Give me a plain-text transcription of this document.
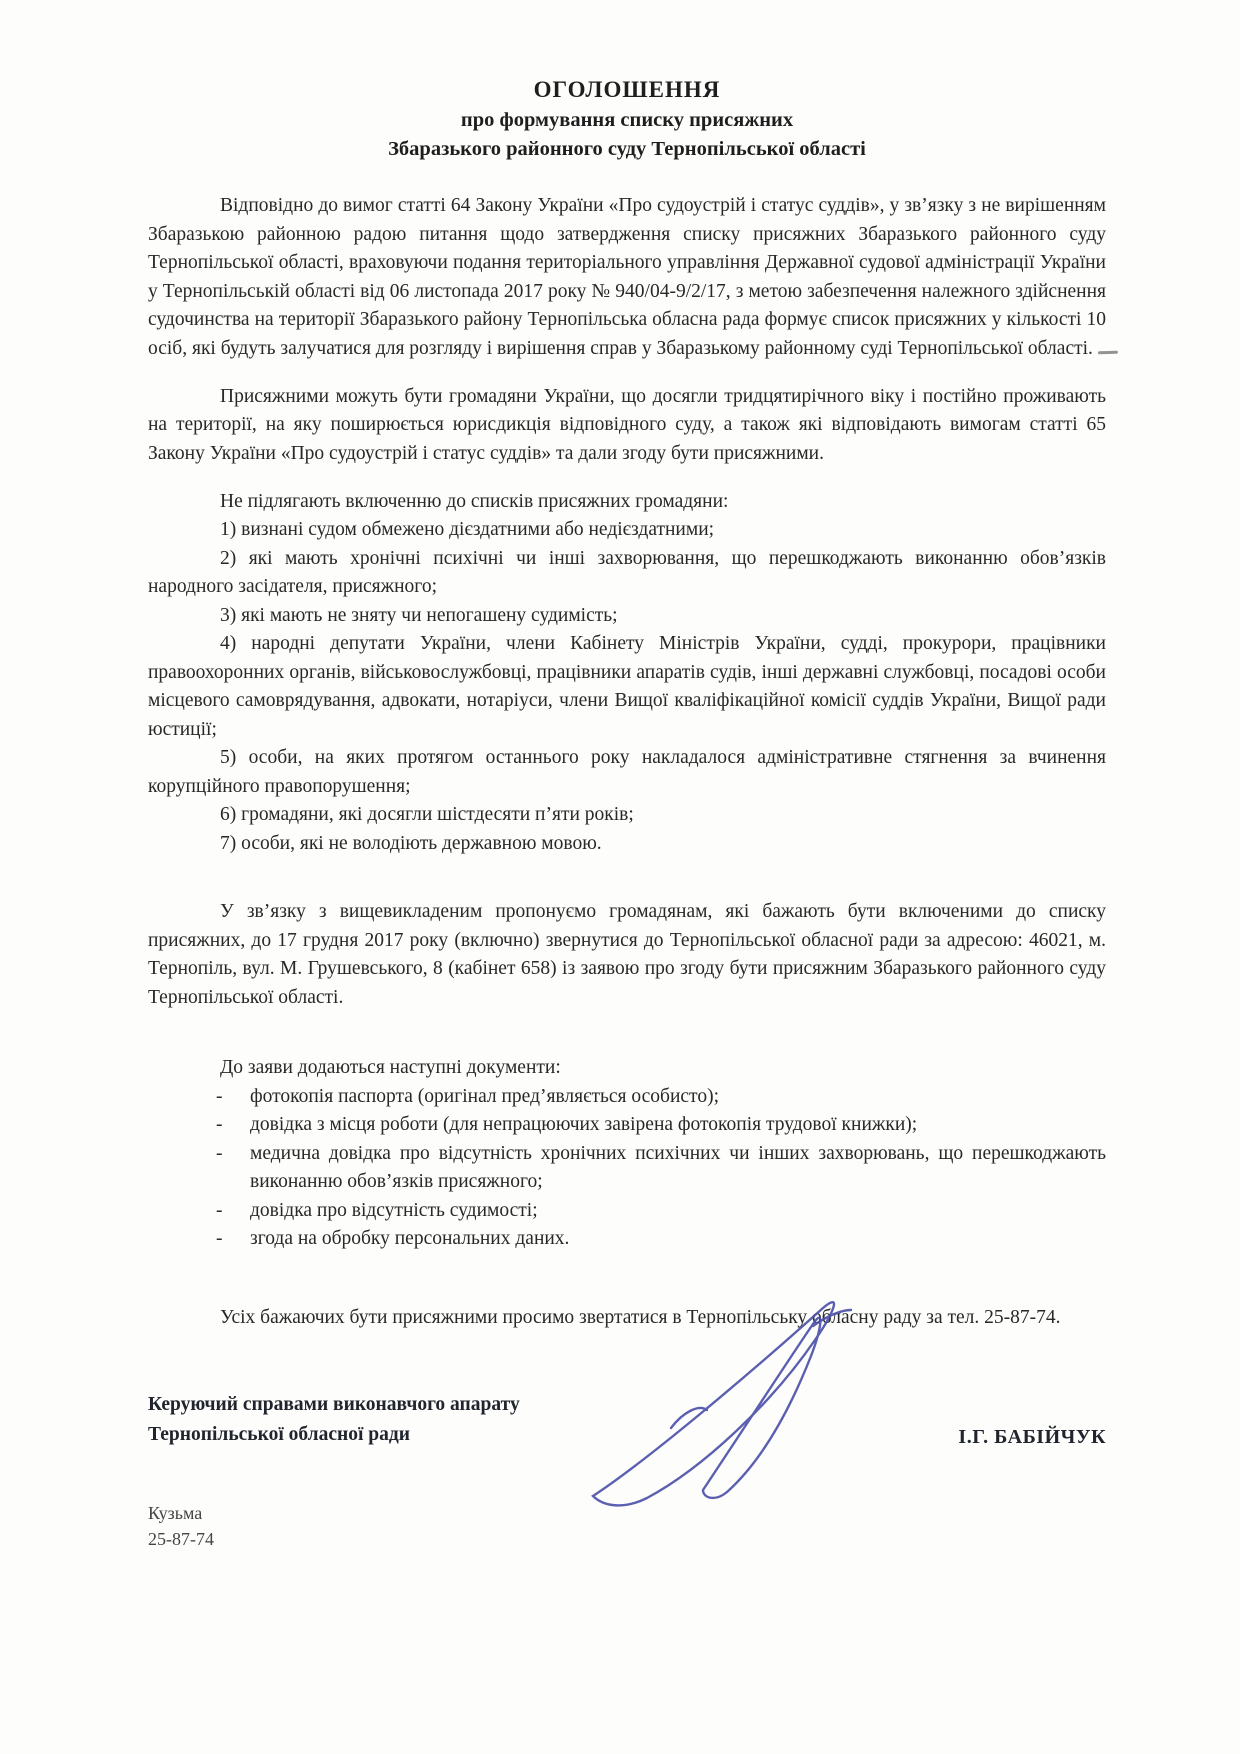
ОГОЛОШЕННЯ
про формування списку присяжних
Збаразького районного суду Тернопільської області

Відповідно до вимог статті 64 Закону України «Про судоустрій і статус суддів», у зв’язку з не вирішенням Збаразькою районною радою питання щодо затвердження списку присяжних Збаразького районного суду Тернопільської області, враховуючи подання територіального управління Державної судової адміністрації України у Тернопільській області від 06 листопада 2017 року № 940/04-9/2/17, з метою забезпечення належного здійснення судочинства на території Збаразького району Тернопільська обласна рада формує список присяжних у кількості 10 осіб, які будуть залучатися для розгляду і вирішення справ у Збаразькому районному суді Тернопільської області.

Присяжними можуть бути громадяни України, що досягли тридцятирічного віку і постійно проживають на території, на яку поширюється юрисдикція відповідного суду, а також які відповідають вимогам статті 65 Закону України «Про судоустрій і статус суддів» та дали згоду бути присяжними.

Не підлягають включенню до списків присяжних громадяни:
1) визнані судом обмежено дієздатними або недієздатними;
2) які мають хронічні психічні чи інші захворювання, що перешкоджають виконанню обов’язків народного засідателя, присяжного;
3) які мають не зняту чи непогашену судимість;
4) народні депутати України, члени Кабінету Міністрів України, судді, прокурори, працівники правоохоронних органів, військовослужбовці, працівники апаратів судів, інші державні службовці, посадові особи місцевого самоврядування, адвокати, нотаріуси, члени Вищої кваліфікаційної комісії суддів України, Вищої ради юстиції;
5) особи, на яких протягом останнього року накладалося адміністративне стягнення за вчинення корупційного правопорушення;
6) громадяни, які досягли шістдесяти п’яти років;
7) особи, які не володіють державною мовою.

У зв’язку з вищевикладеним пропонуємо громадянам, які бажають бути включеними до списку присяжних, до 17 грудня 2017 року (включно) звернутися до Тернопільської обласної ради за адресою: 46021, м. Тернопіль, вул. М. Грушевського, 8 (кабінет 658) із заявою про згоду бути присяжним Збаразького районного суду Тернопільської області.

До заяви додаються наступні документи:
- фотокопія паспорта (оригінал пред’являється особисто);
- довідка з місця роботи (для непрацюючих завірена фотокопія трудової книжки);
- медична довідка про відсутність хронічних психічних чи інших захворювань, що перешкоджають виконанню обов’язків присяжного;
- довідка про відсутність судимості;
- згода на обробку персональних даних.

Усіх бажаючих бути присяжними просимо звертатися в Тернопільську обласну раду за тел. 25-87-74.

Керуючий справами виконавчого апарату
Тернопільської обласної ради	І.Г. БАБІЙЧУК
Кузьма
25-87-74
